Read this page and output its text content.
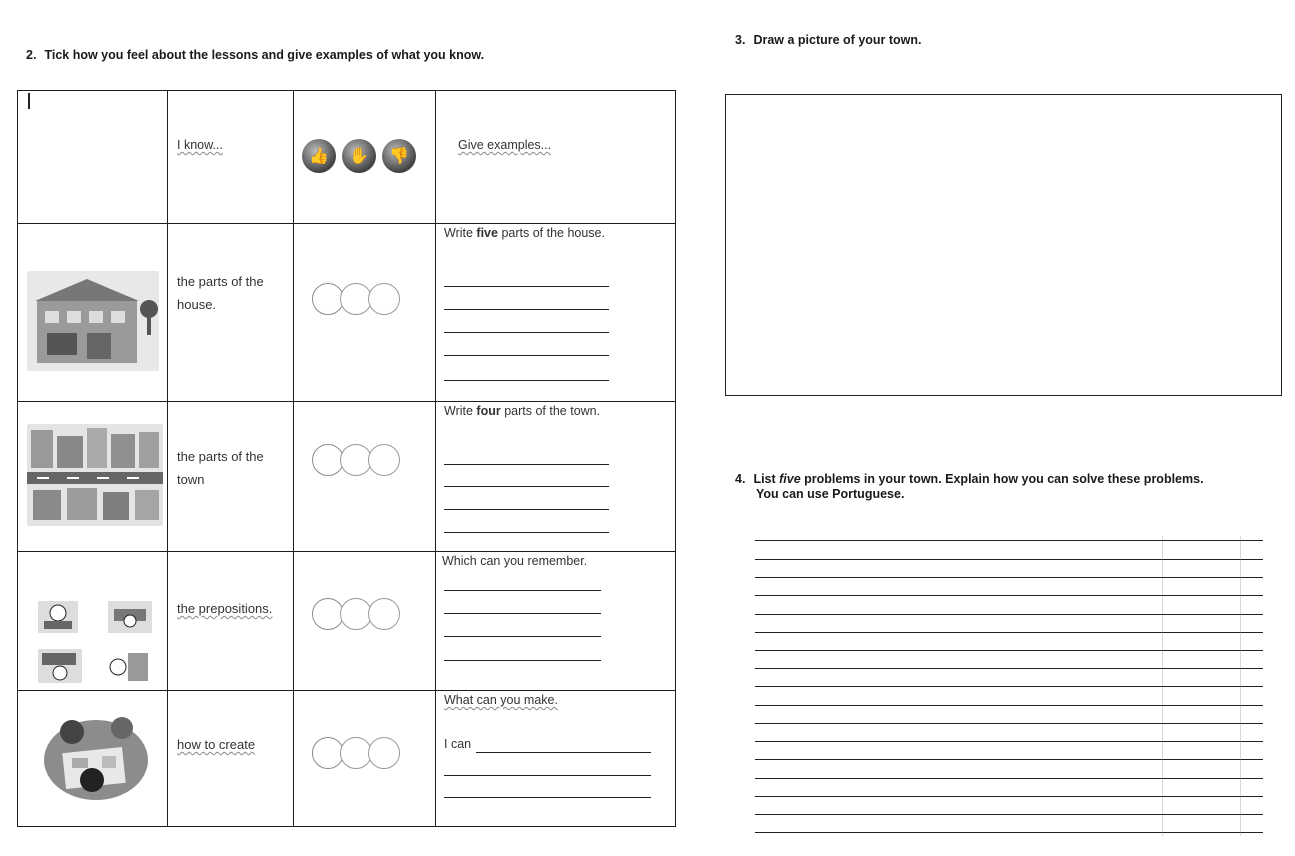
2. Tick how you feel about the lessons and give examples of what you know.
3. Draw a picture of your town.

	I know...	👍 ✋ 👎	Give examples...

the parts of the house.		Write five parts of the house.

the parts of the town		Write four parts of the town.

the prepositions.		Which can you remember.

how to create		What can you make.
I can
4. List five problems in your town. Explain how you can solve these problems.
You can use Portuguese.
